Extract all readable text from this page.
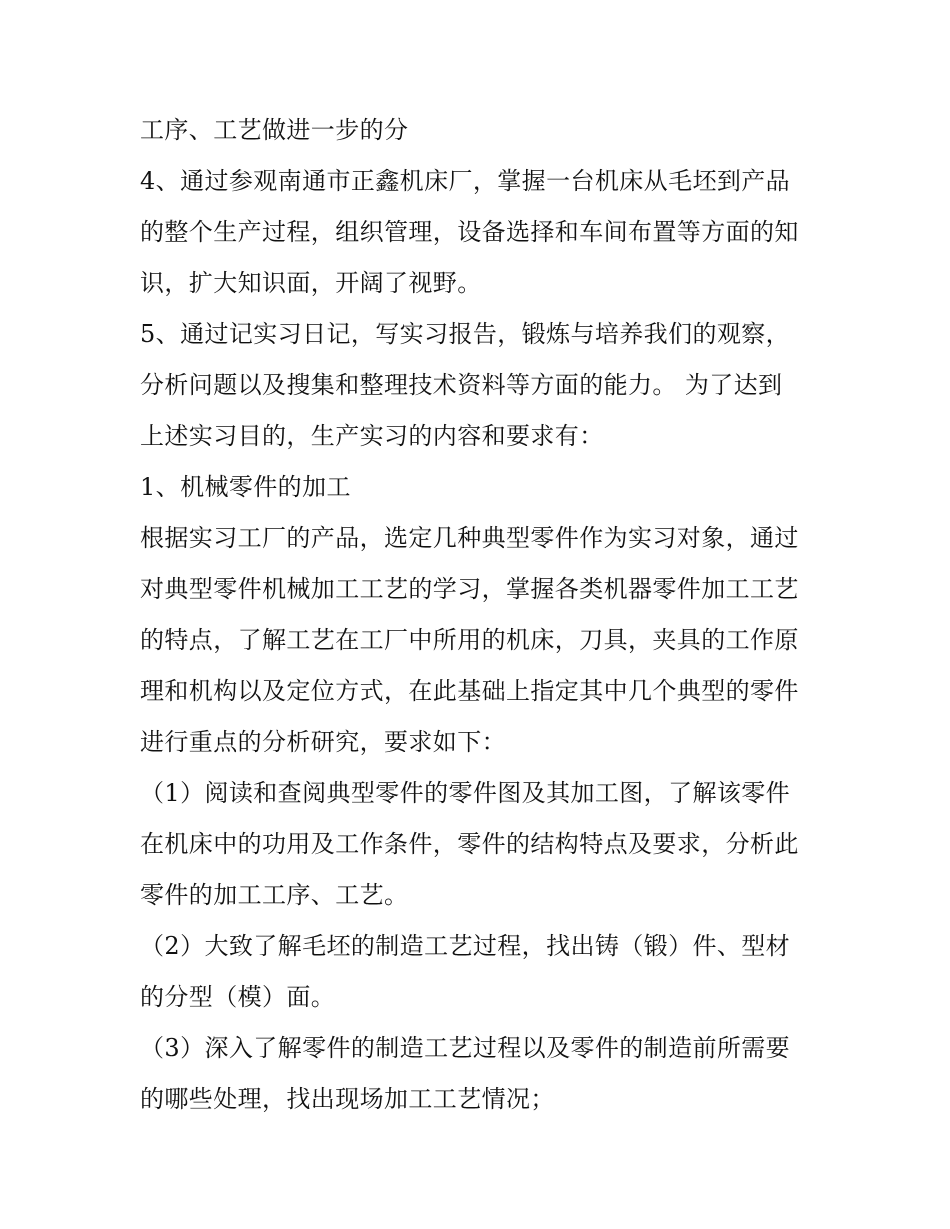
工序、工艺做进一步的分
4、通过参观南通市正鑫机床厂，掌握一台机床从毛坯到产品
的整个生产过程，组织管理，设备选择和车间布置等方面的知
识，扩大知识面，开阔了视野。
5、通过记实习日记，写实习报告，锻炼与培养我们的观察，
分析问题以及搜集和整理技术资料等方面的能力。 为了达到
上述实习目的，生产实习的内容和要求有：
1、机械零件的加工
根据实习工厂的产品，选定几种典型零件作为实习对象，通过
对典型零件机械加工工艺的学习，掌握各类机器零件加工工艺
的特点，了解工艺在工厂中所用的机床，刀具，夹具的工作原
理和机构以及定位方式，在此基础上指定其中几个典型的零件
进行重点的分析研究，要求如下：
（1）阅读和查阅典型零件的零件图及其加工图，了解该零件
在机床中的功用及工作条件，零件的结构特点及要求，分析此
零件的加工工序、工艺。
（2）大致了解毛坯的制造工艺过程，找出铸（锻）件、型材
的分型（模）面。
（3）深入了解零件的制造工艺过程以及零件的制造前所需要
的哪些处理，找出现场加工工艺情况；
